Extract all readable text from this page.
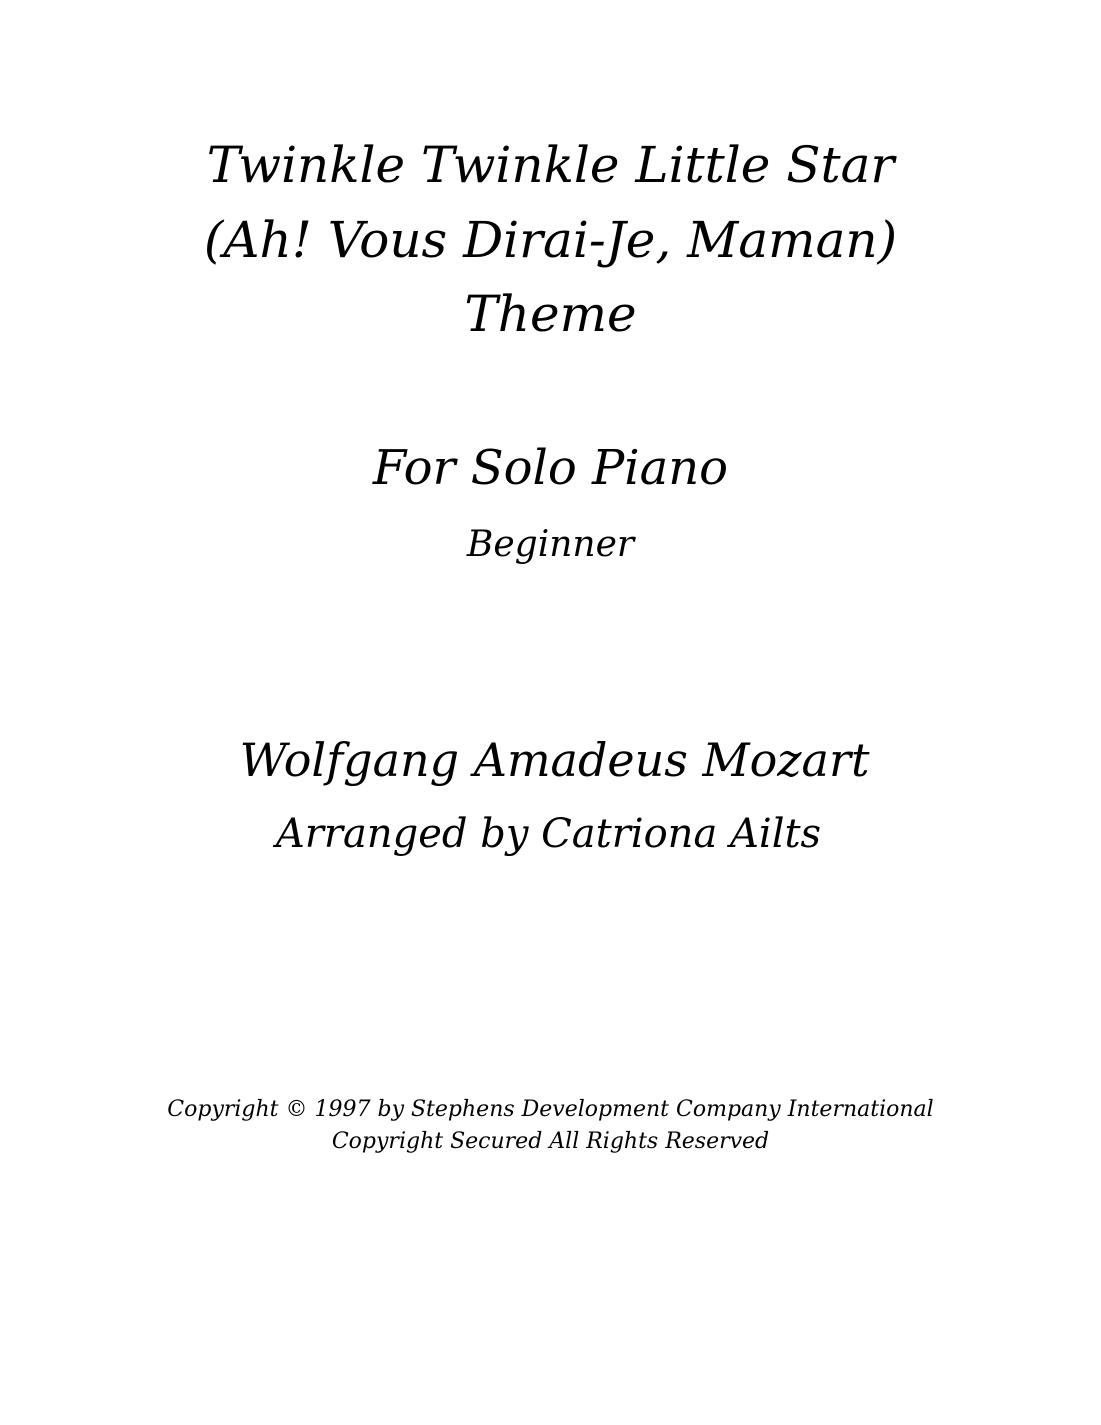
Twinkle Twinkle Little Star
(Ah! Vous Dirai-Je, Maman)
Theme
For Solo Piano
Beginner
Wolfgang Amadeus Mozart
Arranged by Catriona Ailts
Copyright © 1997 by Stephens Development Company International
Copyright Secured All Rights Reserved
